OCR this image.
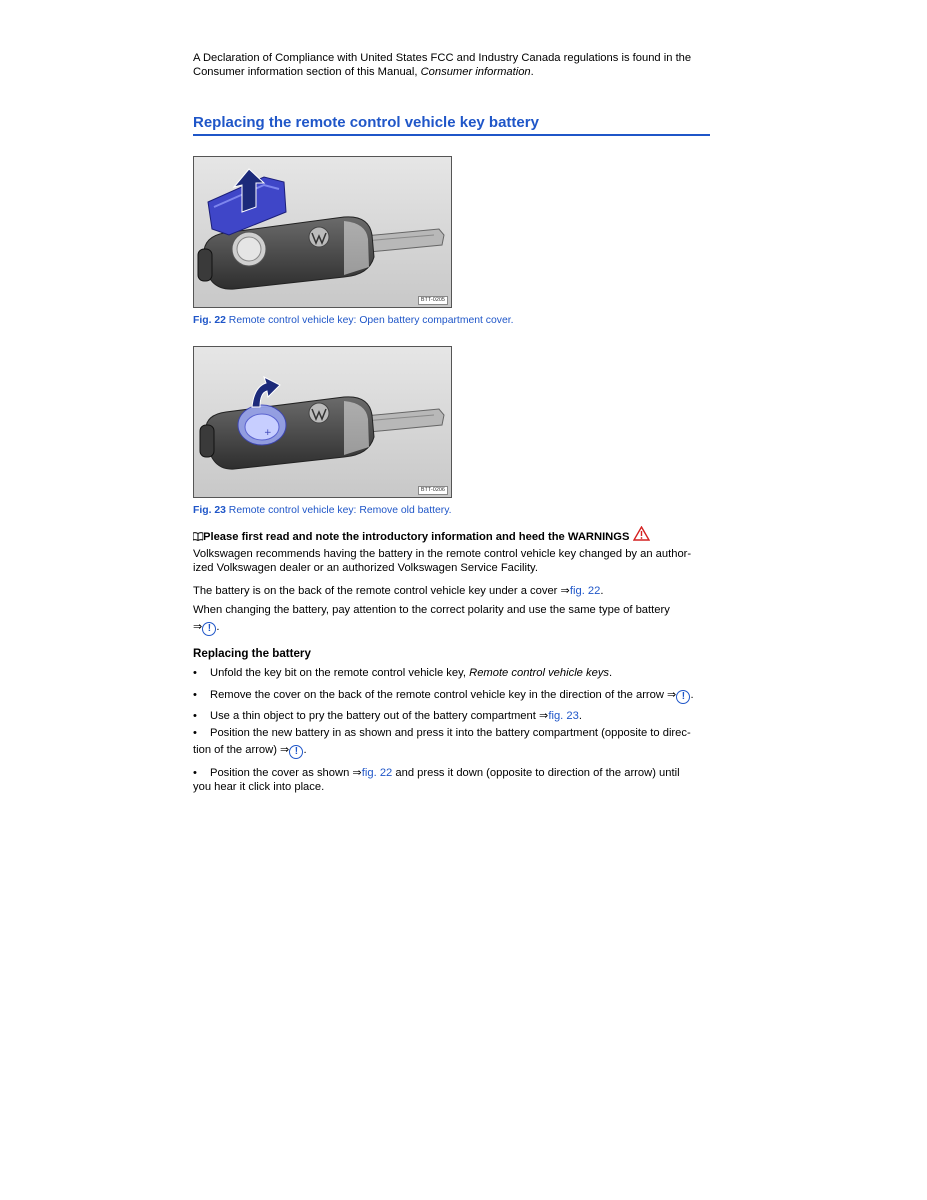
A Declaration of Compliance with United States FCC and Industry Canada regulations is found in the

Consumer information section of this Manual, Consumer information.

Replacing the remote control vehicle key battery
BTT-0205
Fig. 22 Remote control vehicle key: Open battery compartment cover.
+
BTT-0206
Fig. 23 Remote control vehicle key: Remove old battery.
Please first read and note the introductory information and heed the WARNINGS

Volkswagen recommends having the battery in the remote control vehicle key changed by an author-

ized Volkswagen dealer or an authorized Volkswagen Service Facility.

The battery is on the back of the remote control vehicle key under a cover ⇒fig. 22.

When changing the battery, pay attention to the correct polarity and use the same type of battery

⇒ ! .

Replacing the battery
• Unfold the key bit on the remote control vehicle key, Remote control vehicle keys.
• Remove the cover on the back of the remote control vehicle key in the direction of the arrow ⇒ ! .
• Use a thin object to pry the battery out of the battery compartment ⇒fig. 23.

• Position the new battery in as shown and press it into the battery compartment (opposite to direc-

tion of the arrow) ⇒ ! .

• Position the cover as shown ⇒fig. 22 and press it down (opposite to direction of the arrow) until

you hear it click into place.
